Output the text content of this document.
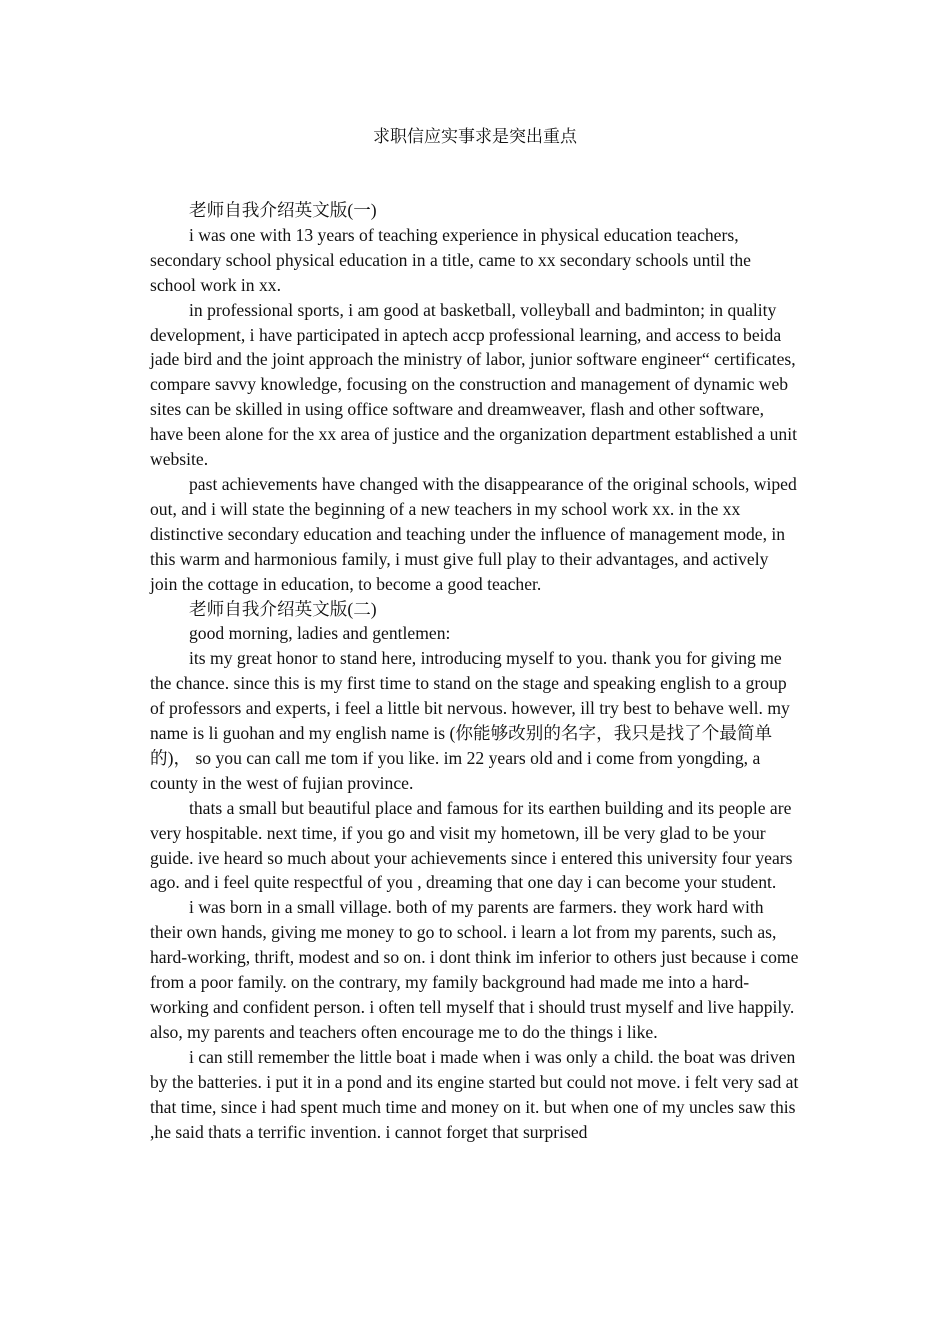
求职信应实事求是突出重点

老师自我介绍英文版(一)

i was one with 13 years of teaching experience in physical education teachers, secondary school physical education in a title, came to xx secondary schools until the school work in xx.

in professional sports, i am good at basketball, volleyball and badminton; in quality development, i have participated in aptech accp professional learning, and access to beida jade bird and the joint approach the ministry of labor, junior software engineer“ certificates, compare savvy knowledge, focusing on the construction and management of dynamic web sites can be skilled in using office software and dreamweaver, flash and other software, have been alone for the xx area of justice and the organization department established a unit website.

past achievements have changed with the disappearance of the original schools, wiped out, and i will state the beginning of a new teachers in my school work xx. in the xx distinctive secondary education and teaching under the influence of management mode, in this warm and harmonious family, i must give full play to their advantages, and actively join the cottage in education, to become a good teacher.

老师自我介绍英文版(二)

good morning, ladies and gentlemen:

its my great honor to stand here, introducing myself to you. thank you for giving me the chance. since this is my first time to stand on the stage and speaking english to a group of professors and experts, i feel a little bit nervous. however, ill try best to behave well. my name is li guohan and my english name is (你能够改别的名字，我只是找了个最简单的)， so you can call me tom if you like. im 22 years old and i come from yongding, a county in the west of fujian province.

thats a small but beautiful place and famous for its earthen building and its people are very hospitable. next time, if you go and visit my hometown, ill be very glad to be your guide. ive heard so much about your achievements since i entered this university four years ago. and i feel quite respectful of you , dreaming that one day i can become your student.

i was born in a small village. both of my parents are farmers. they work hard with their own hands, giving me money to go to school. i learn a lot from my parents, such as, hard-working, thrift, modest and so on. i dont think im inferior to others just because i come from a poor family. on the contrary, my family background had made me into a hard-working and confident person. i often tell myself that i should trust myself and live happily. also, my parents and teachers often encourage me to do the things i like.

i can still remember the little boat i made when i was only a child. the boat was driven by the batteries. i put it in a pond and its engine started but could not move. i felt very sad at that time, since i had spent much time and money on it. but when one of my uncles saw this ,he said thats a terrific invention. i cannot forget that surprised
